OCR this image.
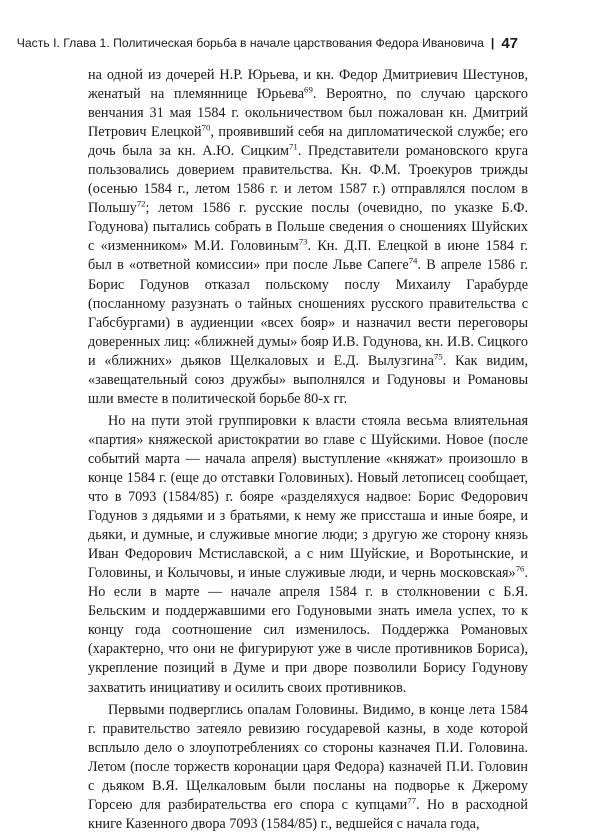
Часть I. Глава 1. Политическая борьба в начале царствования Федора Ивановича | 47

на одной из дочерей Н.Р. Юрьева, и кн. Федор Дмитриевич Шестунов, женатый на племяннице Юрьева$^{69}$. Вероятно, по случаю царского венчания 31 мая 1584 г. окольничеством был пожалован кн. Дмитрий Петрович Елецкой$^{70}$, проявивший себя на дипломатической службе; его дочь была за кн. А.Ю. Сицким$^{71}$. Представители романовского круга пользовались доверием правительства. Кн. Ф.М. Троекуров трижды (осенью 1584 г., летом 1586 г. и летом 1587 г.) отправлялся послом в Польшу$^{72}$; летом 1586 г. русские послы (очевидно, по указке Б.Ф. Годунова) пытались собрать в Польше сведения о сношениях Шуйских с «изменником» М.И. Головиным$^{73}$. Кн. Д.П. Елецкой в июне 1584 г. был в «ответной комиссии» при после Льве Сапеге$^{74}$. В апреле 1586 г. Борис Годунов отказал польскому послу Михаилу Гарабурде (посланному разузнать о тайных сношениях русского правительства с Габсбургами) в аудиенции «всех бояр» и назначил вести переговоры доверенных лиц: «ближней думы» бояр И.В. Годунова, кн. И.В. Сицкого и «ближних» дьяков Щелкаловых и Е.Д. Вылузгина$^{75}$. Как видим, «завещательный союз дружбы» выполнялся и Годуновы и Романовы шли вместе в политической борьбе 80-х гг.

Но на пути этой группировки к власти стояла весьма влиятельная «партия» княжеской аристократии во главе с Шуйскими. Новое (после событий марта — начала апреля) выступление «княжат» произошло в конце 1584 г. (еще до отставки Головиных). Новый летописец сообщает, что в 7093 (1584/85) г. бояре «разделяхуся надвое: Борис Федорович Годунов з дядьями и з братьями, к нему же приссташа и иные бояре, и дьяки, и думные, и служивые многие люди; з другую же сторону князь Иван Федорович Мстиславской, а с ним Шуйские, и Воротынские, и Головины, и Колычовы, и иные служивые люди, и чернь московская»$^{76}$. Но если в марте — начале апреля 1584 г. в столкновении с Б.Я. Бельским и поддержавшими его Годуновыми знать имела успех, то к концу года соотношение сил изменилось. Поддержка Романовых (характерно, что они не фигурируют уже в числе противников Бориса), укрепление позиций в Думе и при дворе позволили Борису Годунову захватить инициативу и осилить своих противников.

Первыми подверглись опалам Головины. Видимо, в конце лета 1584 г. правительство затеяло ревизию государевой казны, в ходе которой всплыло дело о злоупотреблениях со стороны казначея П.И. Головина. Летом (после торжеств коронации царя Федора) казначей П.И. Головин с дьяком В.Я. Щелкаловым были посланы на подворье к Джерому Горсею для разбирательства его спора с купцами$^{77}$. Но в расходной книге Казенного двора 7093 (1584/85) г., ведшейся с начала года,
